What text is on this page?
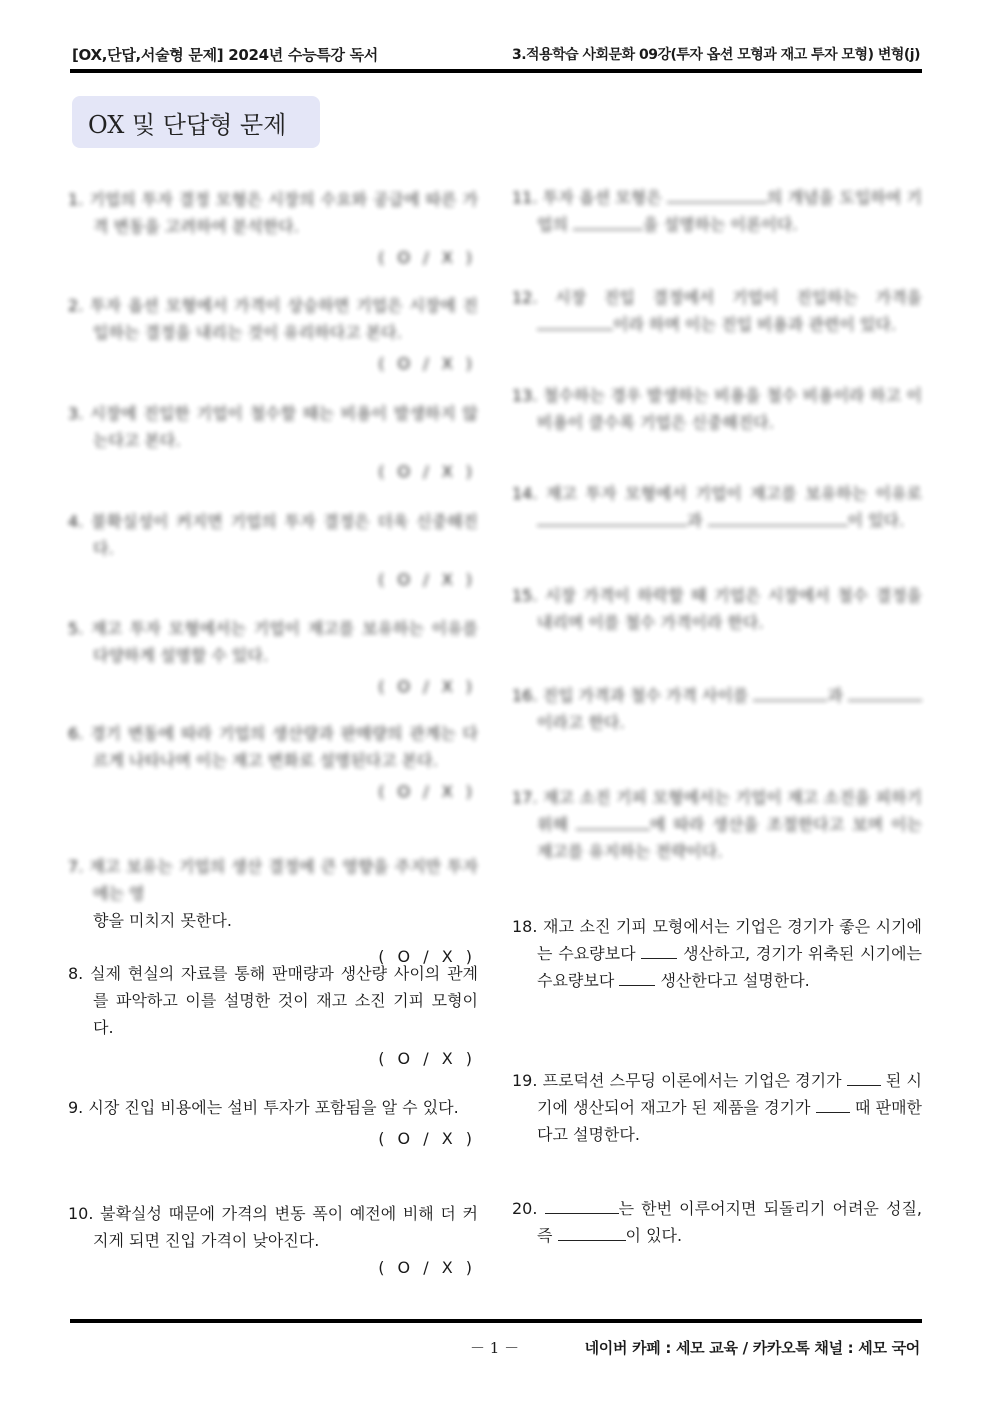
[OX,단답,서술형 문제] 2024년 수능특강 독서	3.적용학습 사회문화 09강(투자 옵션 모형과 재고 투자 모형) 변형(j)
OX 및 단답형 문제
1. 기업의 투자 결정 모형은 시장의 수요와 공급에 따른 가격 변동을 고려하여 분석한다.
( O / X )
2. 투자 옵션 모형에서 가격이 상승하면 기업은 시장에 진입하는 결정을 내리는 것이 유리하다고 본다.
( O / X )
3. 시장에 진입한 기업이 철수할 때는 비용이 발생하지 않는다고 본다.
( O / X )
4. 불확실성이 커지면 기업의 투자 결정은 더욱 신중해진다.
( O / X )
5. 재고 투자 모형에서는 기업이 재고를 보유하는 이유를 다양하게 설명할 수 있다.
( O / X )
6. 경기 변동에 따라 기업의 생산량과 판매량의 관계는 다르게 나타나며 이는 재고 변화로 설명된다고 본다.
( O / X )
7. 재고 보유는 기업의 생산 결정에 큰 영향을 주지만 투자에는 영
향을 미치지 못한다.
( O / X )
8. 실제 현실의 자료를 통해 판매량과 생산량 사이의 관계를 파악하고 이를 설명한 것이 재고 소진 기피 모형이다.
( O / X )
9. 시장 진입 비용에는 설비 투자가 포함됨을 알 수 있다.
( O / X )
10. 불확실성 때문에 가격의 변동 폭이 예전에 비해 더 커지게 되면 진입 가격이 낮아진다.
( O / X )
11. 투자 옵션 모형은	의 개념을 도입하여 기업의	을 설명하는 이론이다.
12. 시장 진입 결정에서 기업이 진입하는 가격을 이라 하며 이는 진입 비용과 관련이 있다.
13. 철수하는 경우 발생하는 비용을 철수 비용이라 하고 이 비용이 클수록 기업은 신중해진다.
14. 재고 투자 모형에서 기업이 재고를 보유하는 이유로 과	이 있다.
15. 시장 가격이 하락할 때 기업은 시장에서 철수 결정을 내리며 이를 철수 가격이라 한다.
16. 진입 가격과 철수 가격 사이를	과 이라고 한다.
17. 재고 소진 기피 모형에서는 기업이 재고 소진을 피하기 위해	에 따라 생산을 조절한다고 보며 이는 재고를 유지하는 전략이다.
18. 재고 소진 기피 모형에서는 기업은 경기가 좋은 시기에는 수요량보다  생산하고, 경기가 위축된 시기에는 수요량보다  생산한다고 설명한다.
19. 프로덕션 스무딩 이론에서는 기업은 경기가  된 시기에 생산되어 재고가 된 제품을 경기가  때 판매한다고 설명한다.
20.	는 한번 이루어지면 되돌리기 어려운 성질, 즉	이 있다.
－ 1 －	네이버 카페 : 세모 교육 / 카카오톡 채널 : 세모 국어
